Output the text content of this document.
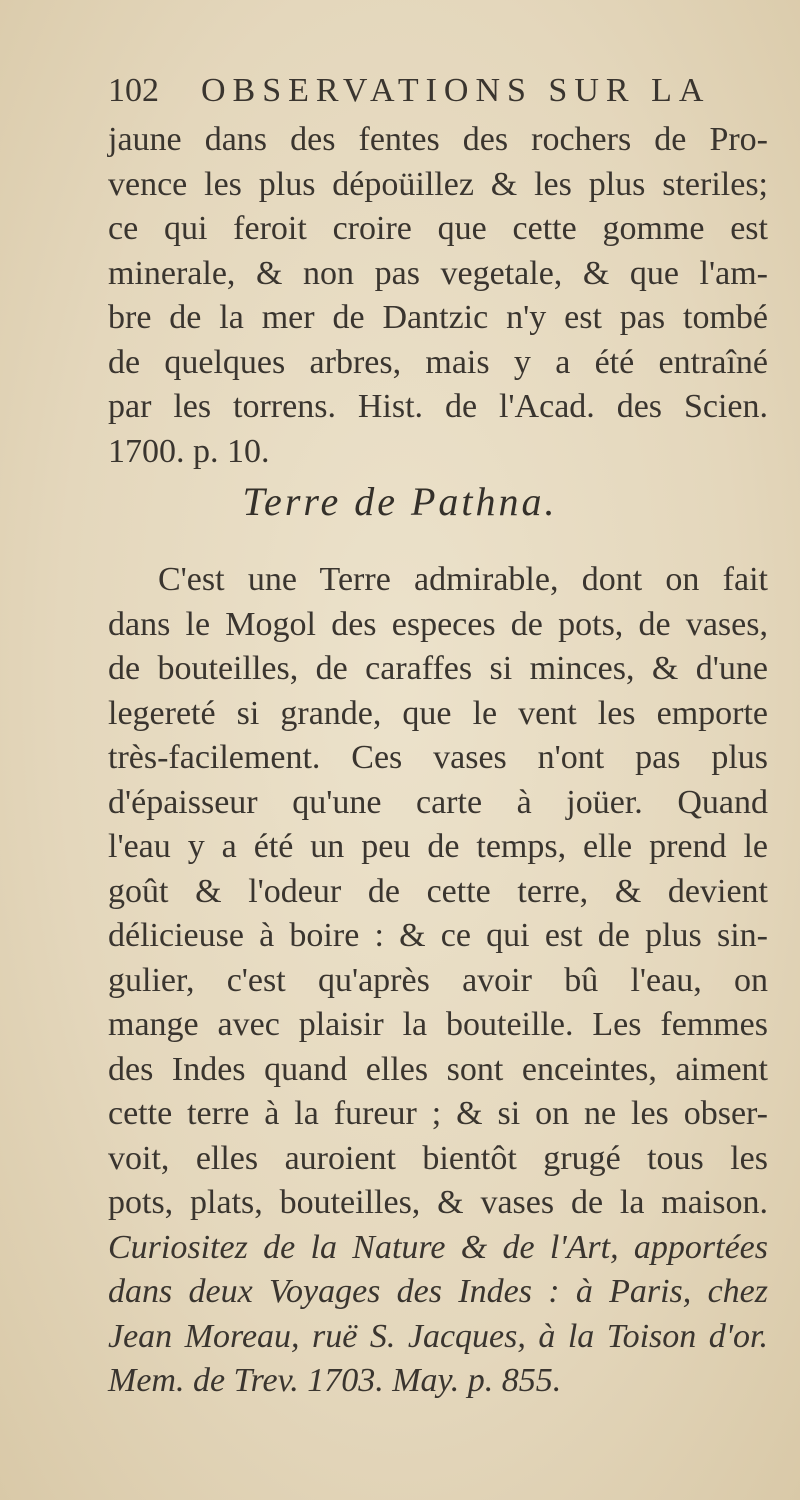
102 OBSERVATIONS SUR LA
jaune dans des fentes des rochers de Pro-
vence les plus dépoüillez & les plus steriles;
ce qui feroit croire que cette gomme est
minerale, & non pas vegetale, & que l'am-
bre de la mer de Dantzic n'y est pas tombé
de quelques arbres, mais y a été entraîné
par les torrens. Hist. de l'Acad. des Scien.
1700. p. 10.
Terre de Pathna.
C'est une Terre admirable, dont on fait
dans le Mogol des especes de pots, de vases,
de bouteilles, de caraffes si minces, & d'une
legereté si grande, que le vent les emporte
très-facilement. Ces vases n'ont pas plus
d'épaisseur qu'une carte à joüer. Quand
l'eau y a été un peu de temps, elle prend le
goût & l'odeur de cette terre, & devient
délicieuse à boire : & ce qui est de plus sin-
gulier, c'est qu'après avoir bû l'eau, on
mange avec plaisir la bouteille. Les femmes
des Indes quand elles sont enceintes, aiment
cette terre à la fureur ; & si on ne les obser-
voit, elles auroient bientôt grugé tous les
pots, plats, bouteilles, & vases de la maison.
Curiositez de la Nature & de l'Art, apportées
dans deux Voyages des Indes : à Paris, chez
Jean Moreau, ruë S. Jacques, à la Toison d'or.
Mem. de Trev. 1703. May. p. 855.
